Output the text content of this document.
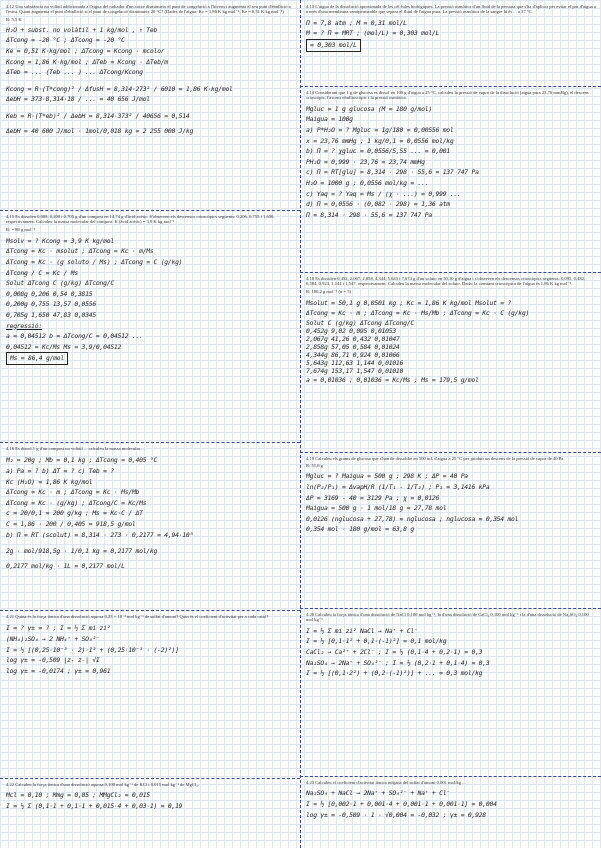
4.12 Una substància no volàtil addicionada a l'aigua del radiador d'un cotxe disminueix el punt de congelació a l'hivern i augmenta el seu punt d'ebullició a l'estiu. Quant augmenta el punt d'ebullició si el punt de congelació disminueix 20 °C? (Dades de l'aigua: Kc = 1,86 K kg mol⁻¹; Ke = 0,51 K kg mol⁻¹)
R: 5,5 K
H₂O + subst. no volàtil + 1 kg/mol , ↑ Teb
ΔTcong = -20 °C ; ΔTcong = -20 °C
Ke = 0,51 K·kg/mol ; ΔTcong = Kcong · mcolor
Kcong = 1,86 K·kg/mol ; ΔTeb = Kcong · ΔTeb/m
ΔTeb = ... (Teb ... ) ... ΔTcong/Kcong
Kcong = R·(T*cong)² / ΔfusH = 8,314·273² / 6010 = 1,86 K·kg/mol
ΔebH = 373·8,314·18 / ... = 40 656 J/mol
Keb = R·(T*eb)² / ΔebH = 8,314·373² / 40656 = 0,514
ΔebH = 40 600 J/mol · 1mol/0,018 kg = 2 255 000 J/kg
4.15 Es dissolen 0,008, 0,200 i 0,705 g d'un compost en 14,74 g d'àcid acètic. S'observen els descensos crioscòpics següents: 0,206, 0,755 i 1,650, respectivament. Calculeu la massa molecular del compost. K (àcid acètic) = 3,9 K kg mol⁻¹
R: = 86 g mol⁻¹
Msolv = ? Kcong = 3,9 K kg/mol
ΔTcong = Kc · msolut ; ΔTcong = Kc · m/Ms
ΔTcong = Kc · (g soluto / Ms) ; ΔTcong = C (g/kg)
ΔTcong / C = Kc / Ms
Solut ΔTcong C (g/kg) ΔTcong/C
0,008g 0,206 0,54 0,3815
0,200g 0,755 13,57 0,0556
0,705g 1,650 47,83 0,0345
regressió:
a = 0,04512 b = ΔTcong/C = 0,04512 ...
0,04512 = Kc/Ms Ms = 3,9/0,04512
Ms = 86,4 g/mol
4.16 Es dissol 1 g d'un compost no volàtil ... calculeu la massa molecular ...
M₂ = 20g ; Mb = 0,1 kg ; ΔTcong = 0,405 °C
a) Pa = ? b) ΔT = ? c) Teb = ?
Kc (H₂O) = 1,86 K kg/mol
ΔTcong = Kc · m ; ΔTcong = Kc · Ms/Mb
ΔTcong = Kc · (g/kg) ; ΔTcong/C = Kc/Ms
c = 20/0,1 = 200 g/kg ; Ms = Kc·C / ΔT
C = 1,86 · 200 / 0,405 = 918,5 g/mol
b) Π = RT (scolut) = 8,314 · 273 · 0,2177 = 4,94·10⁵
2g · mol/918,5g · 1/0,1 kg = 0,2177 mol/kg
0,2177 mol/kg · 1L = 0,2177 mol/L
4.21 Quina és la força iònica d'una dissolució aquosa 0,25 × 10⁻³ mol kg⁻¹ de sulfat d'amoni? Quin és el coeficient d'activitat per a cada catió?
I = ? γ± = ? ; I = ½ Σ mi zi²
(NH₄)₂SO₄ → 2 NH₄⁺ + SO₄²⁻
I = ½ [(0,25·10⁻³ · 2)·1² + (0,25·10⁻³ · (-2)²)]
log γ± = -0,509 |z₊ z₋| √I
log γ± = -0,0174 ; γ± = 0,961
4.22 Calculeu la força iònica d'una dissolució aquosa 0,100 mol kg⁻¹ de KCl i 0,015 mol kg⁻¹ de MgCl₂.
Mcl = 0,10 ; Mmg = 0,05 ; MMgCl₂ = 0,015
I = ½ Σ (0,1·1 + 0,1·1 + 0,015·4 + 0,03·1) = 0,19
4.13 L'aigua de la dissolució aproximada de les cèl·lules biològiques. La pressió osmòtica d'un fluid de la persona que s'ha d'aplicar per evitar el pas d'aigua a través d'una membrana semipermeable que separa el fluid de l'aigua pura. La pressió osmòtica de la sangre hi és ... a 37 °C.
Π = 7,8 atm ; M = 0,31 mol/L
M = ? Π = MRT ; (mol/L) = 0,303 mol/L
= 0,303 mol/L
4.14 Considerant que 1 g de glucosa es dissol en 100 g d'aigua a 25 °C, calculeu la pressió de vapor de la dissolució (aigua pura 23,76 mmHg), el descens crioscòpic, l'ascens ebullioscòpic i la pressió osmòtica.
Mgluc = 1 g glucosa (M = 180 g/mol)
Maigua = 100g
a) P*H₂O = ? Mgluc = 1g/180 = 0,00556 mol
x = 23,76 mmHg ; 1 kg/0,1 = 0,0556 mol/kg
b) Π = ? χgluc = 0,0556/5,55 ... = 0,001
PH₂O = 0,999 · 23,76 = 23,74 mmHg
c) Π = RT[glu] = 8,314 · 298 · 55,6 = 137 747 Pa
H₂O = 1000 g ; 0,0556 mol/kg = ...
c) Yaq = ? Yaq = Ms / (χ · ...) = 0,999 ...
d) Π = 0,0556 · (0,082 · 298) = 1,36 atm
Π = 8,314 · 298 · 55,6 = 137 747 Pa
4.18 Es dissolen 0,452, 2,067, 2,858, 4,344, 5,643 i 7,674 g d'un soluto en 50,10 g d'aigua i s'observen els descensos crioscòpics següents: 0,095, 0,432, 0,584, 0,924, 1,144 i 1,547, respectivament. Calculeu la massa molecular del soluto. Dada: la constant crioscòpica de l'aigua és 1,86 K kg mol⁻¹.
R: 180,2 g mol⁻¹ (n = 5)
Msolut = 50,1 g 0,0501 kg ; Kc = 1,86 K kg/mol Msolut = ?
ΔTcong = Kc · m ; ΔTcong = Kc · Ms/Mb ; ΔTcong = Kc · C (g/kg)
Solut C (g/kg) ΔTcong ΔTcong/C
0,452g 9,02 0,095 0,01053
2,067g 41,26 0,432 0,01047
2,858g 57,05 0,584 0,01024
4,344g 86,71 0,924 0,01066
5,643g 112,63 1,144 0,01016
7,674g 153,17 1,547 0,01010
a = 0,01036 ; 0,01036 = Kc/Ms ; Ms = 179,5 g/mol
4.19 Calculeu els grams de glucosa que s'han de dissoldre en 500 mL d'aigua a 25 °C per produir un descens de la pressió de vapor de 40 Pa.
R: 51,6 g
Mgluc = ? Maigua = 500 g ; 298 K ; ΔP = 40 Pa
ln(P₂/P₁) = ΔvapH/R (1/T₁ - 1/T₂) ; P₂ = 3,1416 kPa
ΔP = 3169 - 40 = 3129 Pa ; χ = 0,0126
Maigua = 500 g · 1 mol/18 g = 27,78 mol
0,0126 (nglucosa + 27,78) = nglucosa ; nglucosa = 0,354 mol
0,354 mol · 180 g/mol = 63,8 g
4.20 Calculeu la força iònica d'una dissolució de NaCl 0,100 mol kg⁻¹, la d'una dissolució de CaCl₂ 0,100 mol kg⁻¹ i la d'una dissolució de Na₂SO₄ 0,100 mol kg⁻¹.
I = ½ Σ mi zi² NaCl → Na⁺ + Cl⁻
I = ½ [0,1·1² + 0,1·(-1)²] = 0,1 mol/kg
CaCl₂ → Ca²⁺ + 2Cl⁻ ; I = ½ (0,1·4 + 0,2·1) = 0,3
Na₂SO₄ → 2Na⁺ + SO₄²⁻ ; I = ½ (0,2·1 + 0,1·4) = 0,3
I = ½ [(0,1·2²) + (0,2·(-1)²)] + ... = 0,3 mol/kg
4.23 Calculeu el coeficient d'activitat iònica mitjana del sulfat d'amoni 0,001 mol/kg ...
Na₂SO₄ + NaCl → 2Na⁺ + SO₄²⁻ + Na⁺ + Cl⁻
I = ½ [0,002·1 + 0,001·4 + 0,001·1 + 0,001·1] = 0,004
log γ± = -0,509 · 1 · √0,004 = -0,032 ; γ± = 0,928
